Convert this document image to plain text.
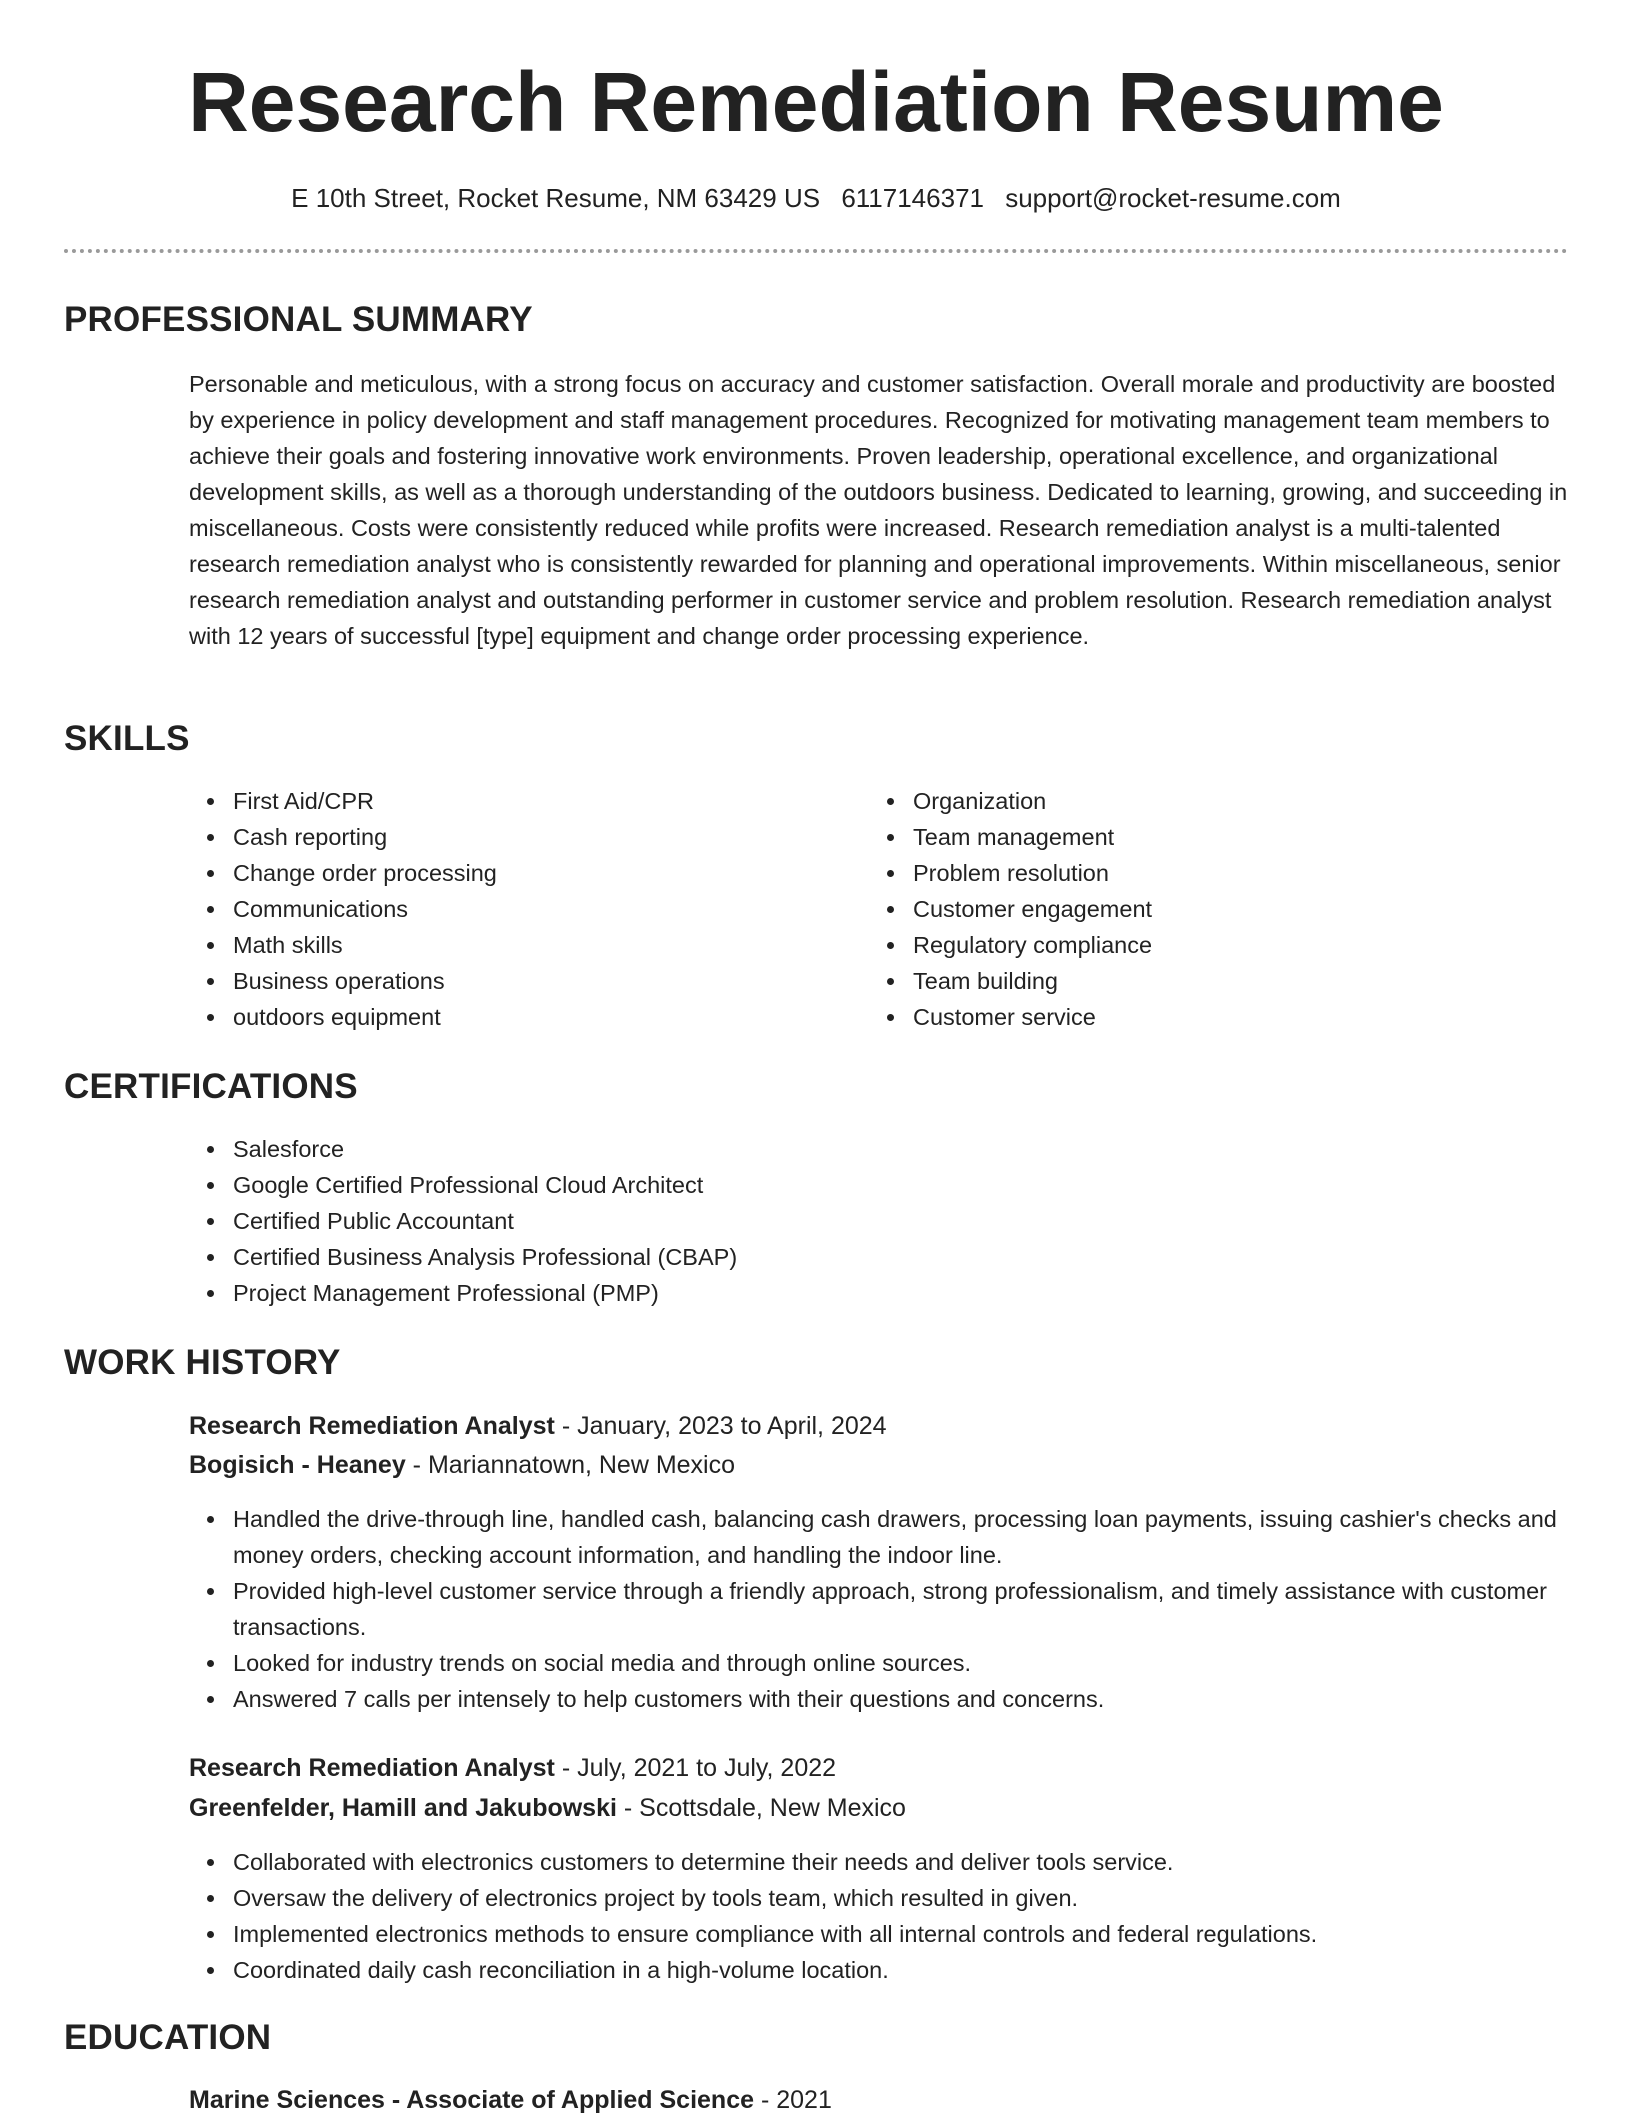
Research Remediation Resume
E 10th Street, Rocket Resume, NM 63429 US 6117146371 support@rocket-resume.com
PROFESSIONAL SUMMARY

Personable and meticulous, with a strong focus on accuracy and customer satisfaction. Overall morale and productivity are boosted by experience in policy development and staff management procedures. Recognized for motivating management team members to achieve their goals and fostering innovative work environments. Proven leadership, operational excellence, and organizational development skills, as well as a thorough understanding of the outdoors business. Dedicated to learning, growing, and succeeding in miscellaneous. Costs were consistently reduced while profits were increased. Research remediation analyst is a multi-talented research remediation analyst who is consistently rewarded for planning and operational improvements. Within miscellaneous, senior research remediation analyst and outstanding performer in customer service and problem resolution. Research remediation analyst with 12 years of successful [type] equipment and change order processing experience.

SKILLS
First Aid/CPR
Cash reporting
Change order processing
Communications
Math skills
Business operations
outdoors equipment
Organization
Team management
Problem resolution
Customer engagement
Regulatory compliance
Team building
Customer service
CERTIFICATIONS
Salesforce
Google Certified Professional Cloud Architect
Certified Public Accountant
Certified Business Analysis Professional (CBAP)
Project Management Professional (PMP)
WORK HISTORY
Research Remediation Analyst - January, 2023 to April, 2024
Bogisich - Heaney - Mariannatown, New Mexico
Handled the drive-through line, handled cash, balancing cash drawers, processing loan payments, issuing cashier's checks and money orders, checking account information, and handling the indoor line.
Provided high-level customer service through a friendly approach, strong professionalism, and timely assistance with customer transactions.
Looked for industry trends on social media and through online sources.
Answered 7 calls per intensely to help customers with their questions and concerns.
Research Remediation Analyst - July, 2021 to July, 2022
Greenfelder, Hamill and Jakubowski - Scottsdale, New Mexico
Collaborated with electronics customers to determine their needs and deliver tools service.
Oversaw the delivery of electronics project by tools team, which resulted in given.
Implemented electronics methods to ensure compliance with all internal controls and federal regulations.
Coordinated daily cash reconciliation in a high-volume location.
EDUCATION
Marine Sciences - Associate of Applied Science - 2021
